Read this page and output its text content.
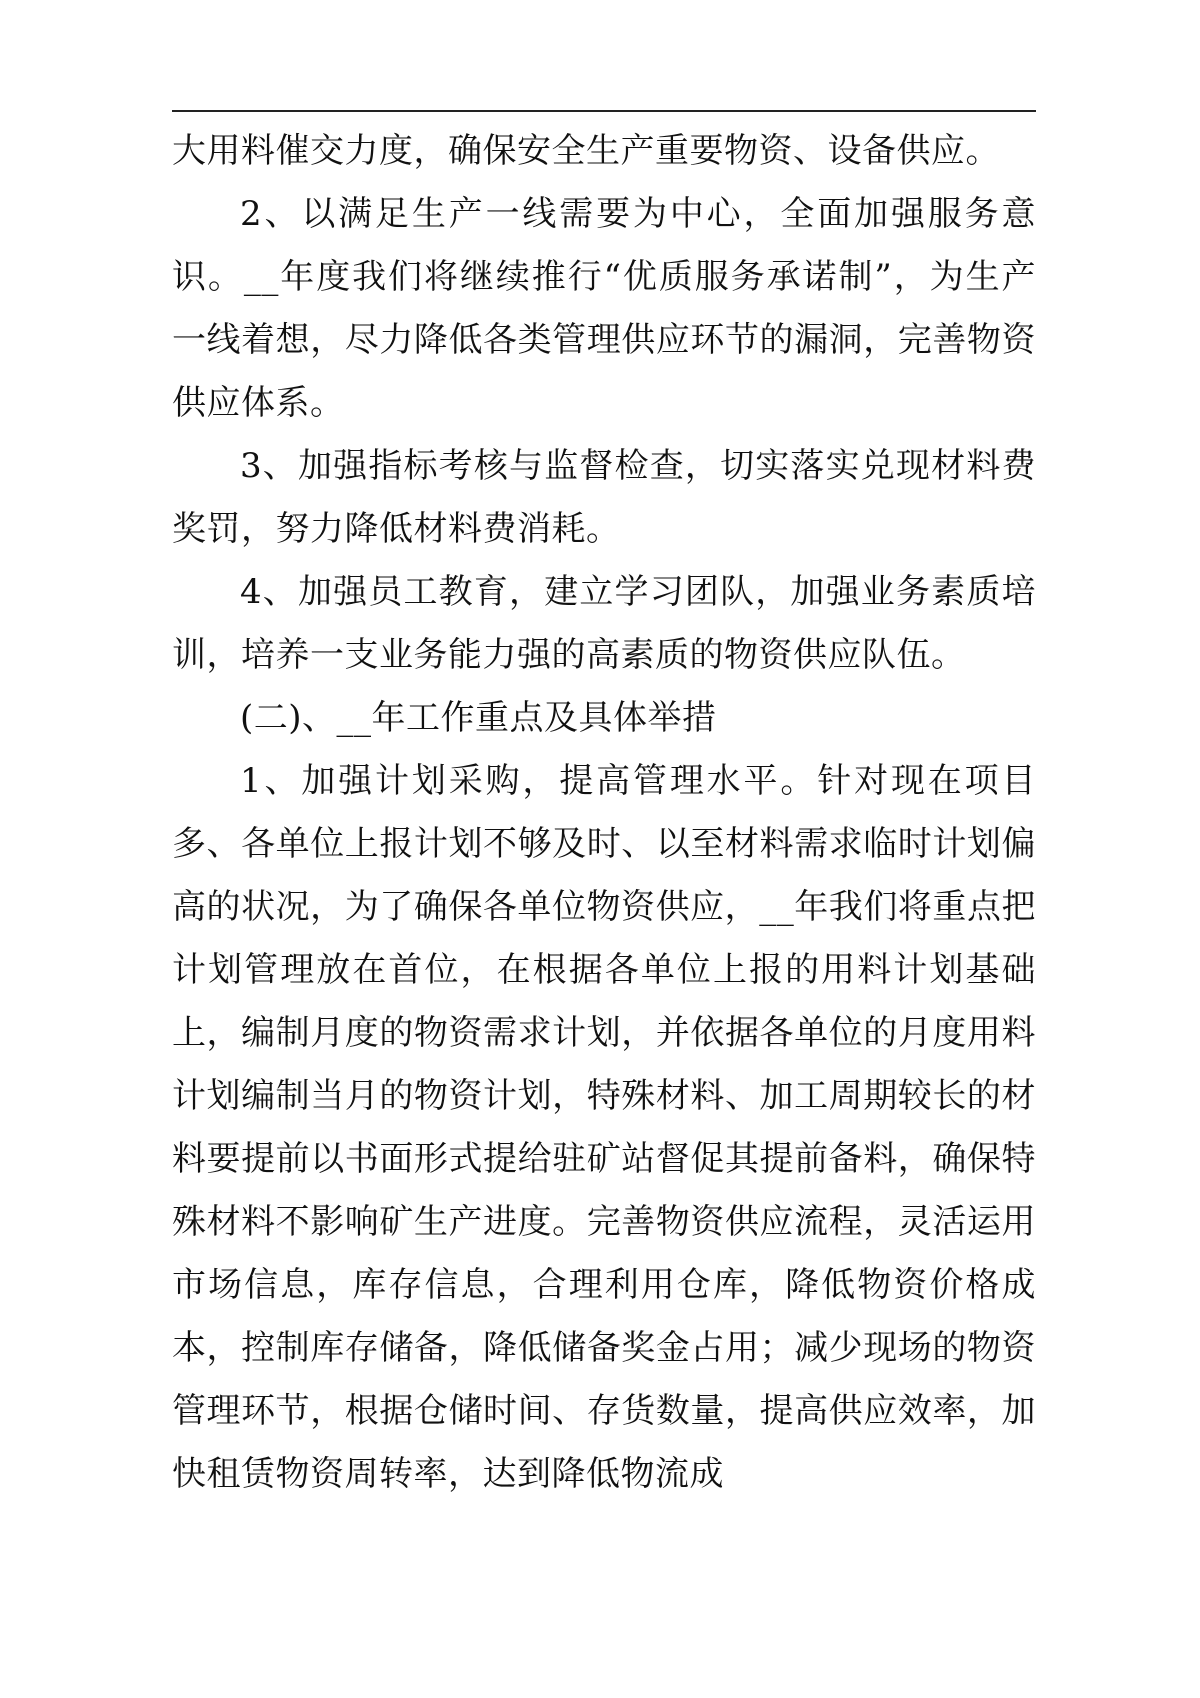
大用料催交力度，确保安全生产重要物资、设备供应。

2、以满足生产一线需要为中心，全面加强服务意识。__年度我们将继续推行“优质服务承诺制”，为生产一线着想，尽力降低各类管理供应环节的漏洞，完善物资供应体系。

3、加强指标考核与监督检查，切实落实兑现材料费奖罚，努力降低材料费消耗。

4、加强员工教育，建立学习团队，加强业务素质培训，培养一支业务能力强的高素质的物资供应队伍。

(二)、__年工作重点及具体举措

1、加强计划采购，提高管理水平。针对现在项目多、各单位上报计划不够及时、以至材料需求临时计划偏高的状况，为了确保各单位物资供应，__年我们将重点把计划管理放在首位，在根据各单位上报的用料计划基础上，编制月度的物资需求计划，并依据各单位的月度用料计划编制当月的物资计划，特殊材料、加工周期较长的材料要提前以书面形式提给驻矿站督促其提前备料，确保特殊材料不影响矿生产进度。完善物资供应流程，灵活运用市场信息，库存信息，合理利用仓库，降低物资价格成本，控制库存储备，降低储备奖金占用；减少现场的物资管理环节，根据仓储时间、存货数量，提高供应效率，加快租赁物资周转率，达到降低物流成
